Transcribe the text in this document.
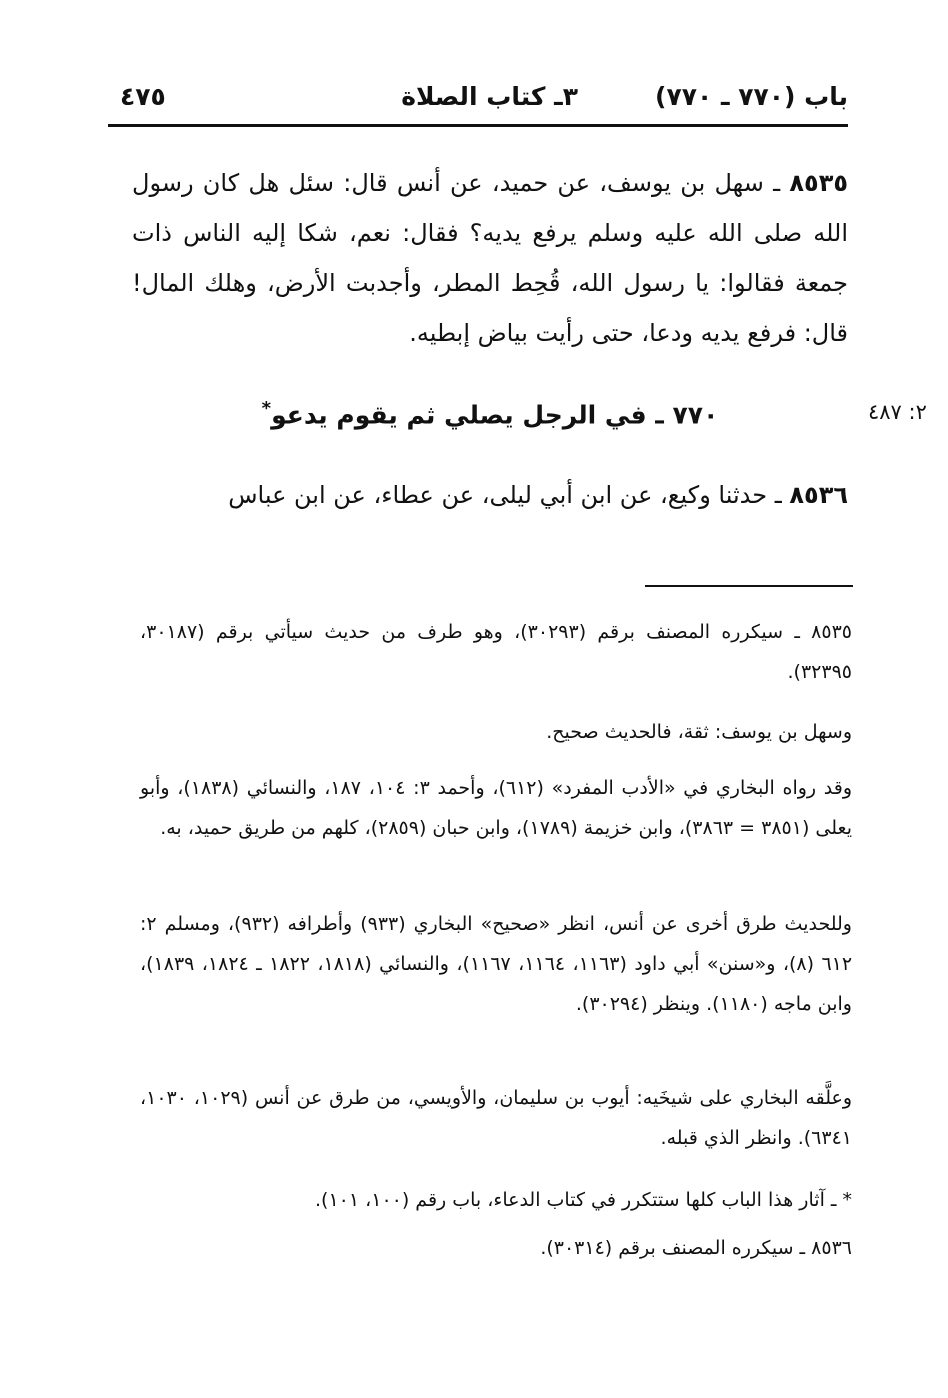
باب (٧٧٠ ـ ٧٧٠)
٣ـ كتاب الصلاة
٤٧٥
٨٥٣٥ ـ سهل بن يوسف، عن حميد، عن أنس قال: سئل هل كان رسول الله صلى الله عليه وسلم يرفع يديه؟ فقال: نعم، شكا إليه الناس ذات جمعة فقالوا: يا رسول الله، قُحِط المطر، وأجدبت الأرض، وهلك المال! قال: فرفع يديه ودعا، حتى رأيت بياض إبطيه.
٧٧٠ ـ في الرجل يصلي ثم يقوم يدعو*	٢: ٤٨٧
٨٥٣٦ ـ حدثنا وكيع، عن ابن أبي ليلى، عن عطاء، عن ابن عباس
٨٥٣٥ ـ سيكرره المصنف برقم (٣٠٢٩٣)، وهو طرف من حديث سيأتي برقم (٣٠١٨٧، ٣٢٣٩٥).
وسهل بن يوسف: ثقة، فالحديث صحيح.
وقد رواه البخاري في «الأدب المفرد» (٦١٢)، وأحمد ٣: ١٠٤، ١٨٧، والنسائي (١٨٣٨)، وأبو يعلى (٣٨٥١ = ٣٨٦٣)، وابن خزيمة (١٧٨٩)، وابن حبان (٢٨٥٩)، كلهم من طريق حميد، به.
وللحديث طرق أخرى عن أنس، انظر «صحيح» البخاري (٩٣٣) وأطرافه (٩٣٢)، ومسلم ٢: ٦١٢ (٨)، و«سنن» أبي داود (١١٦٣، ١١٦٤، ١١٦٧)، والنسائي (١٨١٨، ١٨٢٢ ـ ١٨٢٤، ١٨٣٩)، وابن ماجه (١١٨٠). وينظر (٣٠٢٩٤).
وعلَّقه البخاري على شيخَيه: أيوب بن سليمان، والأويسي، من طرق عن أنس (١٠٢٩، ١٠٣٠، ٦٣٤١). وانظر الذي قبله.
* ـ آثار هذا الباب كلها ستتكرر في كتاب الدعاء، باب رقم (١٠٠، ١٠١).
٨٥٣٦ ـ سيكرره المصنف برقم (٣٠٣١٤).
